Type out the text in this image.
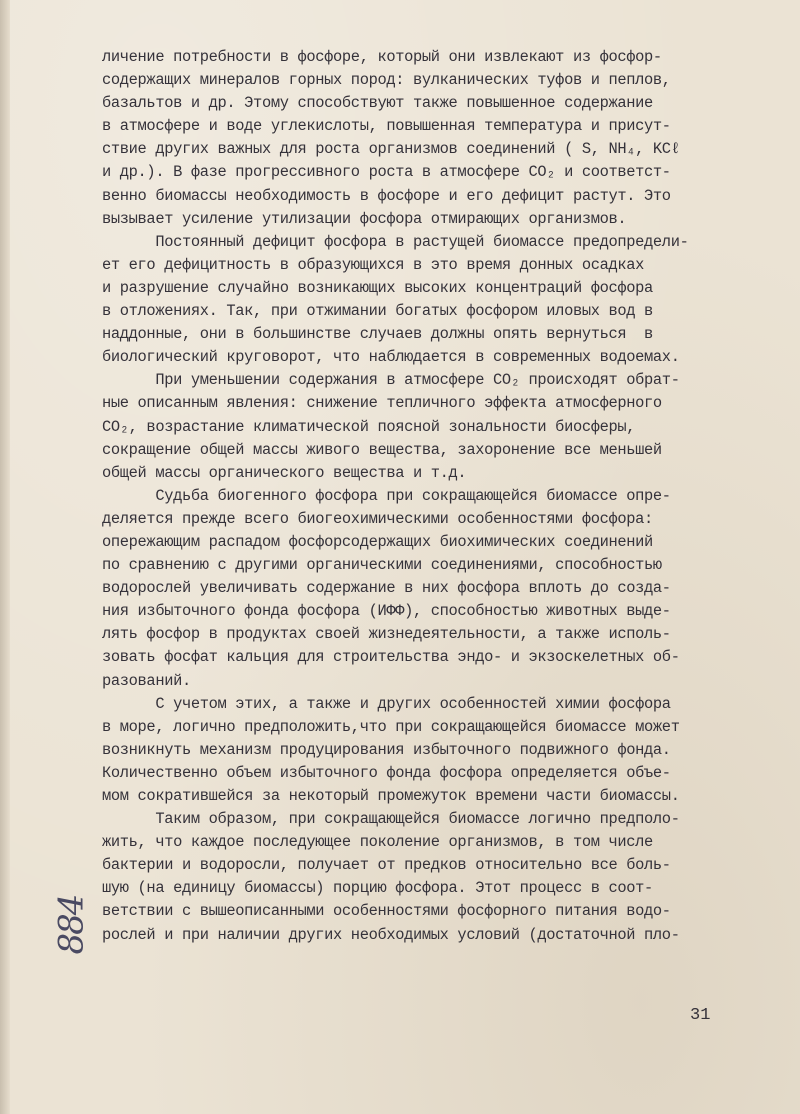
личение потребности в фосфоре, который они извлекают из фосфор-
содержащих минералов горных пород: вулканических туфов и пеплов,
базальтов и др. Этому способствуют также повышенное содержание
в атмосфере и воде углекислоты, повышенная температура и присут-
ствие других важных для роста организмов соединений ( S, NH₄, KCℓ
и др.). В фазе прогрессивного роста в атмосфере CO₂ и соответст-
венно биомассы необходимость в фосфоре и его дефицит растут. Это
вызывает усиление утилизации фосфора отмирающих организмов.
Постоянный дефицит фосфора в растущей биомассе предопредели-
ет его дефицитность в образующихся в это время донных осадках
и разрушение случайно возникающих высоких концентраций фосфора
в отложениях. Так, при отжимании богатых фосфором иловых вод в
наддонные, они в большинстве случаев должны опять вернуться  в
биологический круговорот, что наблюдается в современных водоемах.
При уменьшении содержания в атмосфере CO₂ происходят обрат-
ные описанным явления: снижение тепличного эффекта атмосферного
CO₂, возрастание климатической поясной зональности биосферы,
сокращение общей массы живого вещества, захоронение все меньшей
общей массы органического вещества и т.д.
Судьба биогенного фосфора при сокращающейся биомассе опре-
деляется прежде всего биогеохимическими особенностями фосфора:
опережающим распадом фосфорсодержащих биохимических соединений
по сравнению с другими органическими соединениями, способностью
водорослей увеличивать содержание в них фосфора вплоть до созда-
ния избыточного фонда фосфора (ИФФ), способностью животных выде-
лять фосфор в продуктах своей жизнедеятельности, а также исполь-
зовать фосфат кальция для строительства эндо- и экзоскелетных об-
разований.
С учетом этих, а также и других особенностей химии фосфора
в море, логично предположить,что при сокращающейся биомассе может
возникнуть механизм продуцирования избыточного подвижного фонда.
Количественно объем избыточного фонда фосфора определяется объе-
мом сократившейся за некоторый промежуток времени части биомассы.
Таким образом, при сокращающейся биомассе логично предполо-
жить, что каждое последующее поколение организмов, в том числе
бактерии и водоросли, получает от предков относительно все боль-
шую (на единицу биомассы) порцию фосфора. Этот процесс в соот-
ветствии с вышеописанными особенностями фосфорного питания водо-
рослей и при наличии других необходимых условий (достаточной пло-
884
31
